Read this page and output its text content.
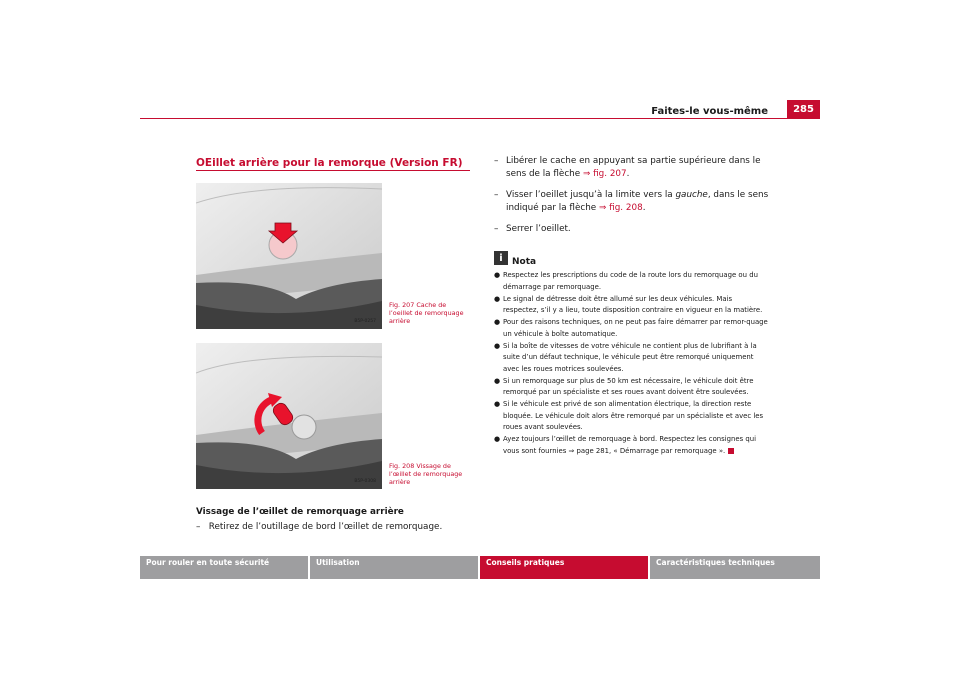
Faites-le vous-même	285
OEillet arrière pour la remorque (Version FR)
B5P-0257
Fig. 207 Cache de l’oeillet de remorquage arrière
B5P-0308
Fig. 208 Vissage de l’œillet de remorquage arrière
Vissage de l’œillet de remorquage arrière
– Retirez de l’outillage de bord l’œillet de remorquage.
– Libérer le cache en appuyant sa partie supérieure dans le sens de la flèche ⇒ fig. 207.
– Visser l’oeillet jusqu’à la limite vers la gauche, dans le sens indiqué par la flèche ⇒ fig. 208.
– Serrer l’oeillet.
i	Nota
● Respectez les prescriptions du code de la route lors du remorquage ou du démarrage par remorquage.
● Le signal de détresse doit être allumé sur les deux véhicules. Mais respectez, s’il y a lieu, toute disposition contraire en vigueur en la matière.
● Pour des raisons techniques, on ne peut pas faire démarrer par remor-quage un véhicule à boîte automatique.
● Si la boîte de vitesses de votre véhicule ne contient plus de lubrifiant à la suite d’un défaut technique, le véhicule peut être remorqué uniquement avec les roues motrices soulevées.
● Si un remorquage sur plus de 50 km est nécessaire, le véhicule doit être remorqué par un spécialiste et ses roues avant doivent être soulevées.
● Si le véhicule est privé de son alimentation électrique, la direction reste bloquée. Le véhicule doit alors être remorqué par un spécialiste et avec les roues avant soulevées.
● Ayez toujours l’œillet de remorquage à bord. Respectez les consignes qui vous sont fournies ⇒ page 281, « Démarrage par remorquage ».
Pour rouler en toute sécurité	Utilisation	Conseils pratiques	Caractéristiques techniques
